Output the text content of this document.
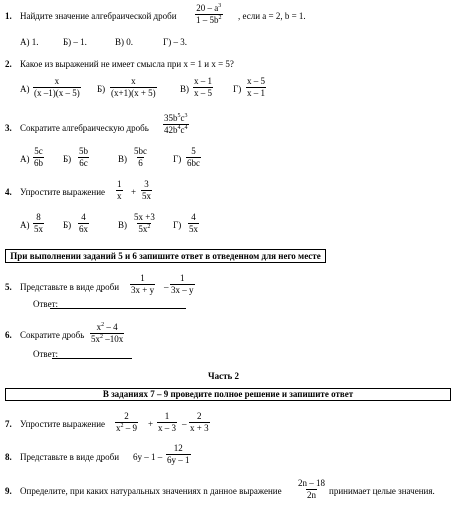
1. Найдите значение алгебраической дроби $\frac{20 - a^3}{1 - 5b^2}$ , если a = 2, b = 1.
А) 1.	Б) – 1.	В) 0.	Г) – 3.
2. Какое из выражений не имеет смысла при x = 1 и x = 5?
$А) \frac{x}{(x -1)(x - 5)} Б) \frac{x}{(x+1)(x + 5)}$	$В) \frac{x - 1}{x - 5} Г) \frac{x - 5}{x - 1}$
3. Сократите алгебраическую дробь $\frac{35b^5c^3}{42b^4c^4}$
$А) \frac{5c}{6b} Б) \frac{5b}{6c}$	$В) \frac{5bc}{6}$	$Г) \frac{5}{6bc}$
4. Упростите выражение $\frac{1}{x} + \frac{3}{5x}$
$А) \frac{8}{5x} Б) \frac{4}{6x}$	$В) \frac{5x +3}{5x^2} Г) \frac{4}{5x}$
При выполнении заданий 5 и 6 запишите ответ в отведенном для него месте
5. Представьте в виде дроби $\frac{1}{3x + y} - \frac{1}{3x - y}$
Ответ:
6. Сократите дробь $\frac{x^2 - 4}{5x^2 -10x}$
Ответ:
Часть 2
В заданиях 7 – 9 проведите полное решение и запишите ответ
7. Упростите выражение $\frac{2}{x^2 - 9} + \frac{1}{x - 3} - \frac{2}{x + 3}$
8. Представьте в виде дроби $6y - 1 - \frac{12}{6y - 1}$
9. Определите, при каких натуральных значениях n данное выражение $\frac{2n - 18}{2n}$ принимает целые значения.
